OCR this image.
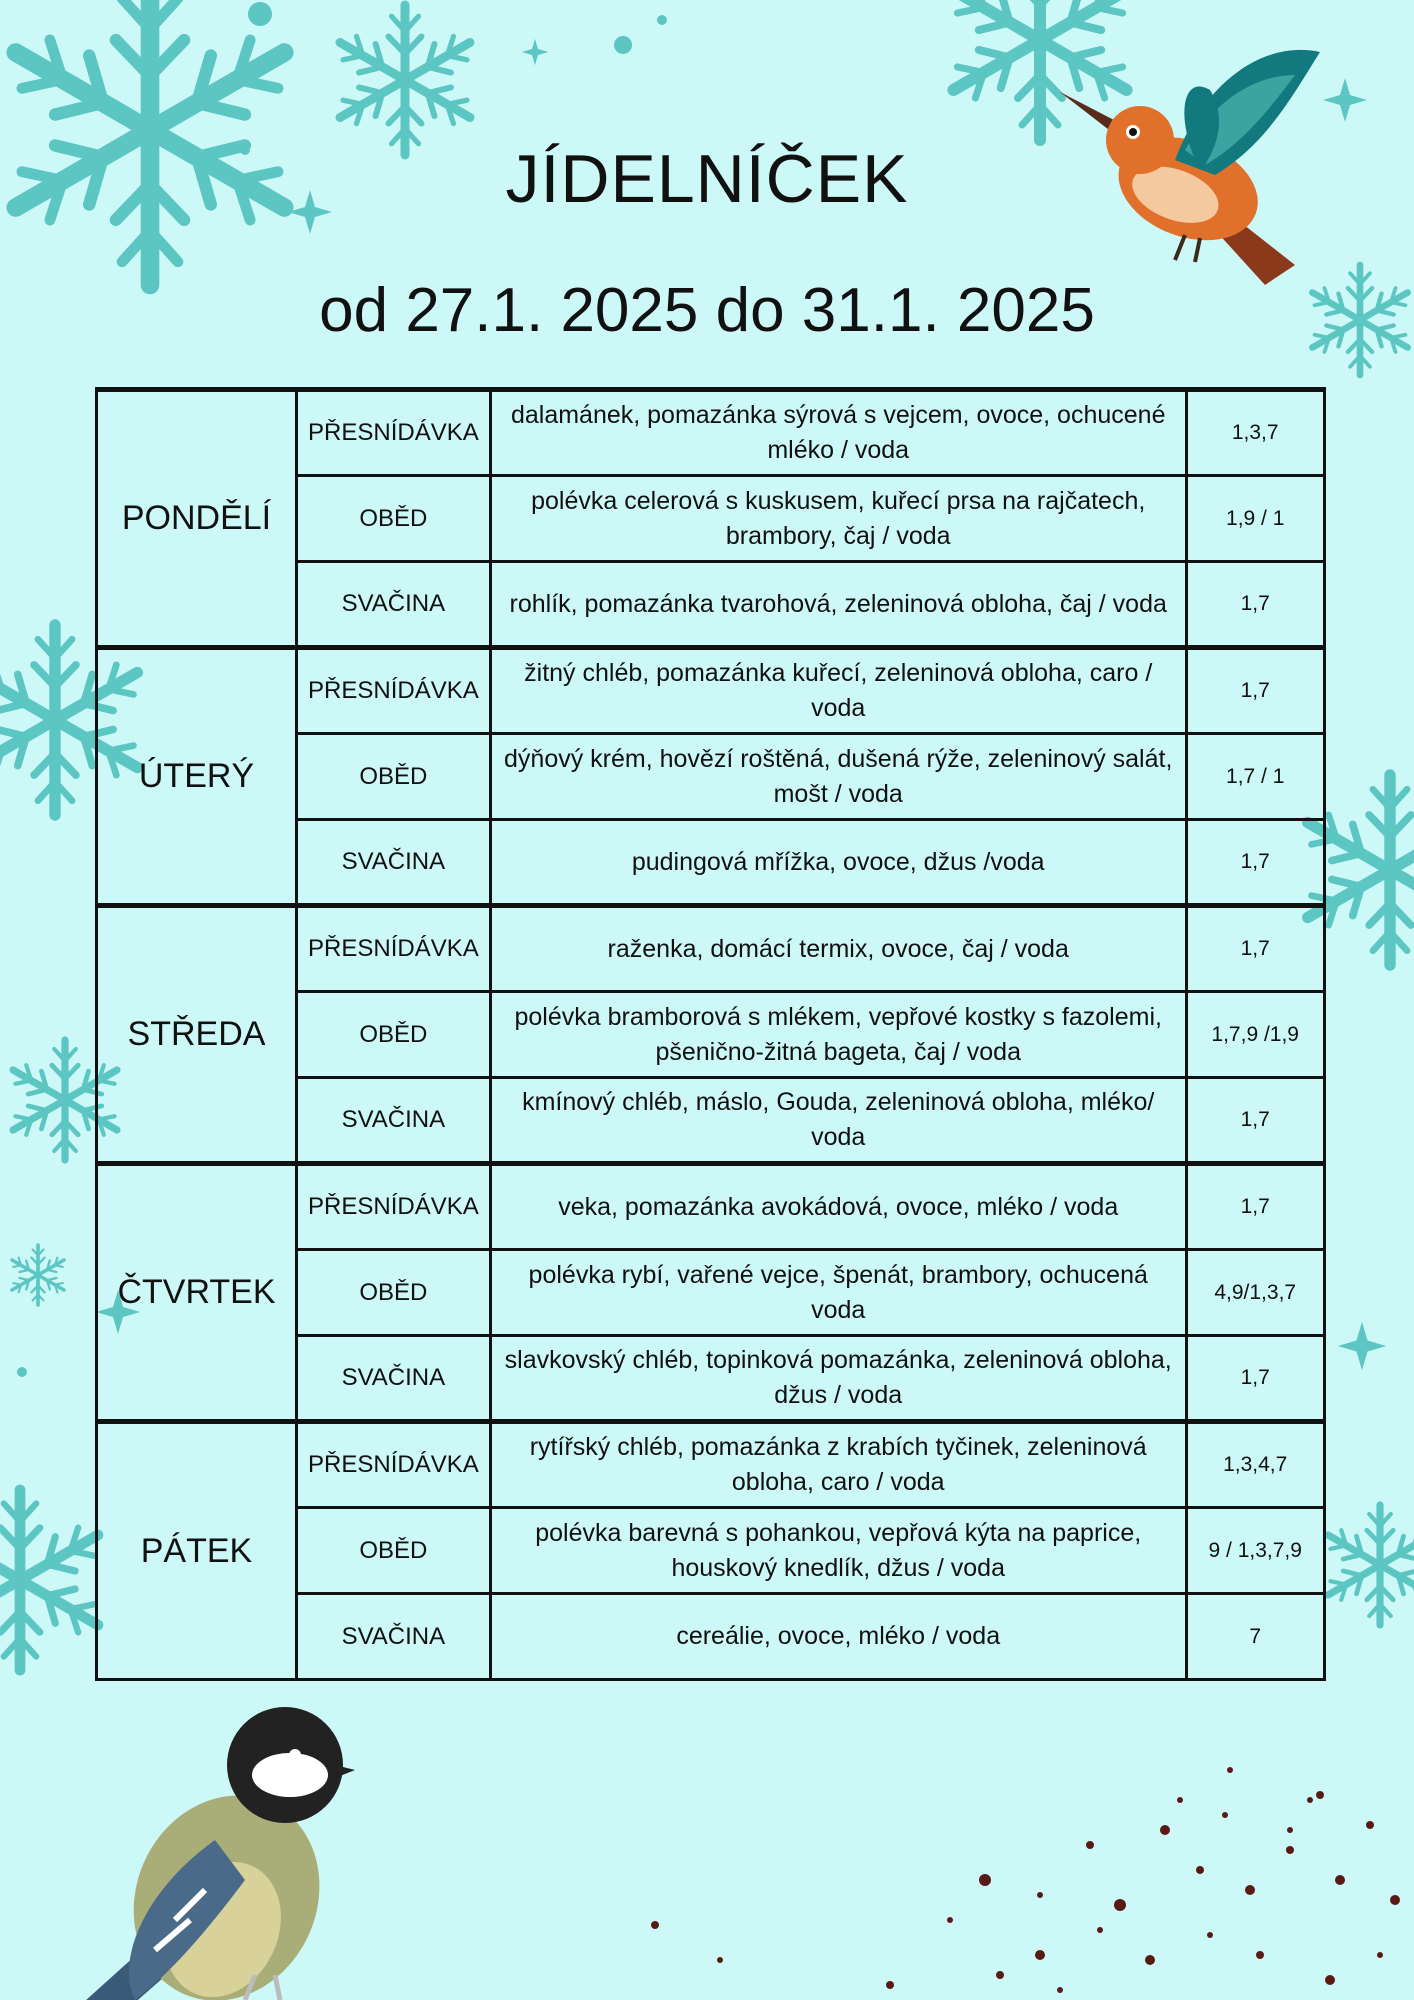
JÍDELNÍČEK
od 27.1. 2025 do 31.1. 2025
PONDĚLÍ	PŘESNÍDÁVKA	dalamánek, pomazánka sýrová s vejcem, ovoce, ochucené mléko / voda	1,3,7
	OBĚD	polévka celerová s kuskusem, kuřecí prsa na rajčatech, brambory, čaj / voda	1,9 / 1
	SVAČINA	rohlík, pomazánka tvarohová, zeleninová obloha, čaj / voda	1,7
ÚTERÝ	PŘESNÍDÁVKA	žitný chléb, pomazánka kuřecí, zeleninová obloha, caro / voda	1,7
	OBĚD	dýňový krém, hovězí roštěná, dušená rýže, zeleninový salát, mošt / voda	1,7 / 1
	SVAČINA	pudingová mřížka, ovoce, džus /voda	1,7
STŘEDA	PŘESNÍDÁVKA	raženka, domácí termix, ovoce, čaj / voda	1,7
	OBĚD	polévka bramborová s mlékem, vepřové kostky s fazolemi, pšenično-žitná bageta, čaj / voda	1,7,9 /1,9
	SVAČINA	kmínový chléb, máslo, Gouda, zeleninová obloha, mléko/ voda	1,7
ČTVRTEK	PŘESNÍDÁVKA	veka, pomazánka avokádová, ovoce, mléko / voda	1,7
	OBĚD	polévka rybí, vařené vejce, špenát, brambory, ochucená voda	4,9/1,3,7
	SVAČINA	slavkovský chléb, topinková pomazánka, zeleninová obloha, džus / voda	1,7
PÁTEK	PŘESNÍDÁVKA	rytířský chléb, pomazánka z krabích tyčinek, zeleninová obloha, caro / voda	1,3,4,7
	OBĚD	polévka barevná s pohankou, vepřová kýta na paprice, houskový knedlík, džus / voda	9 / 1,3,7,9
	SVAČINA	cereálie, ovoce, mléko / voda	7
